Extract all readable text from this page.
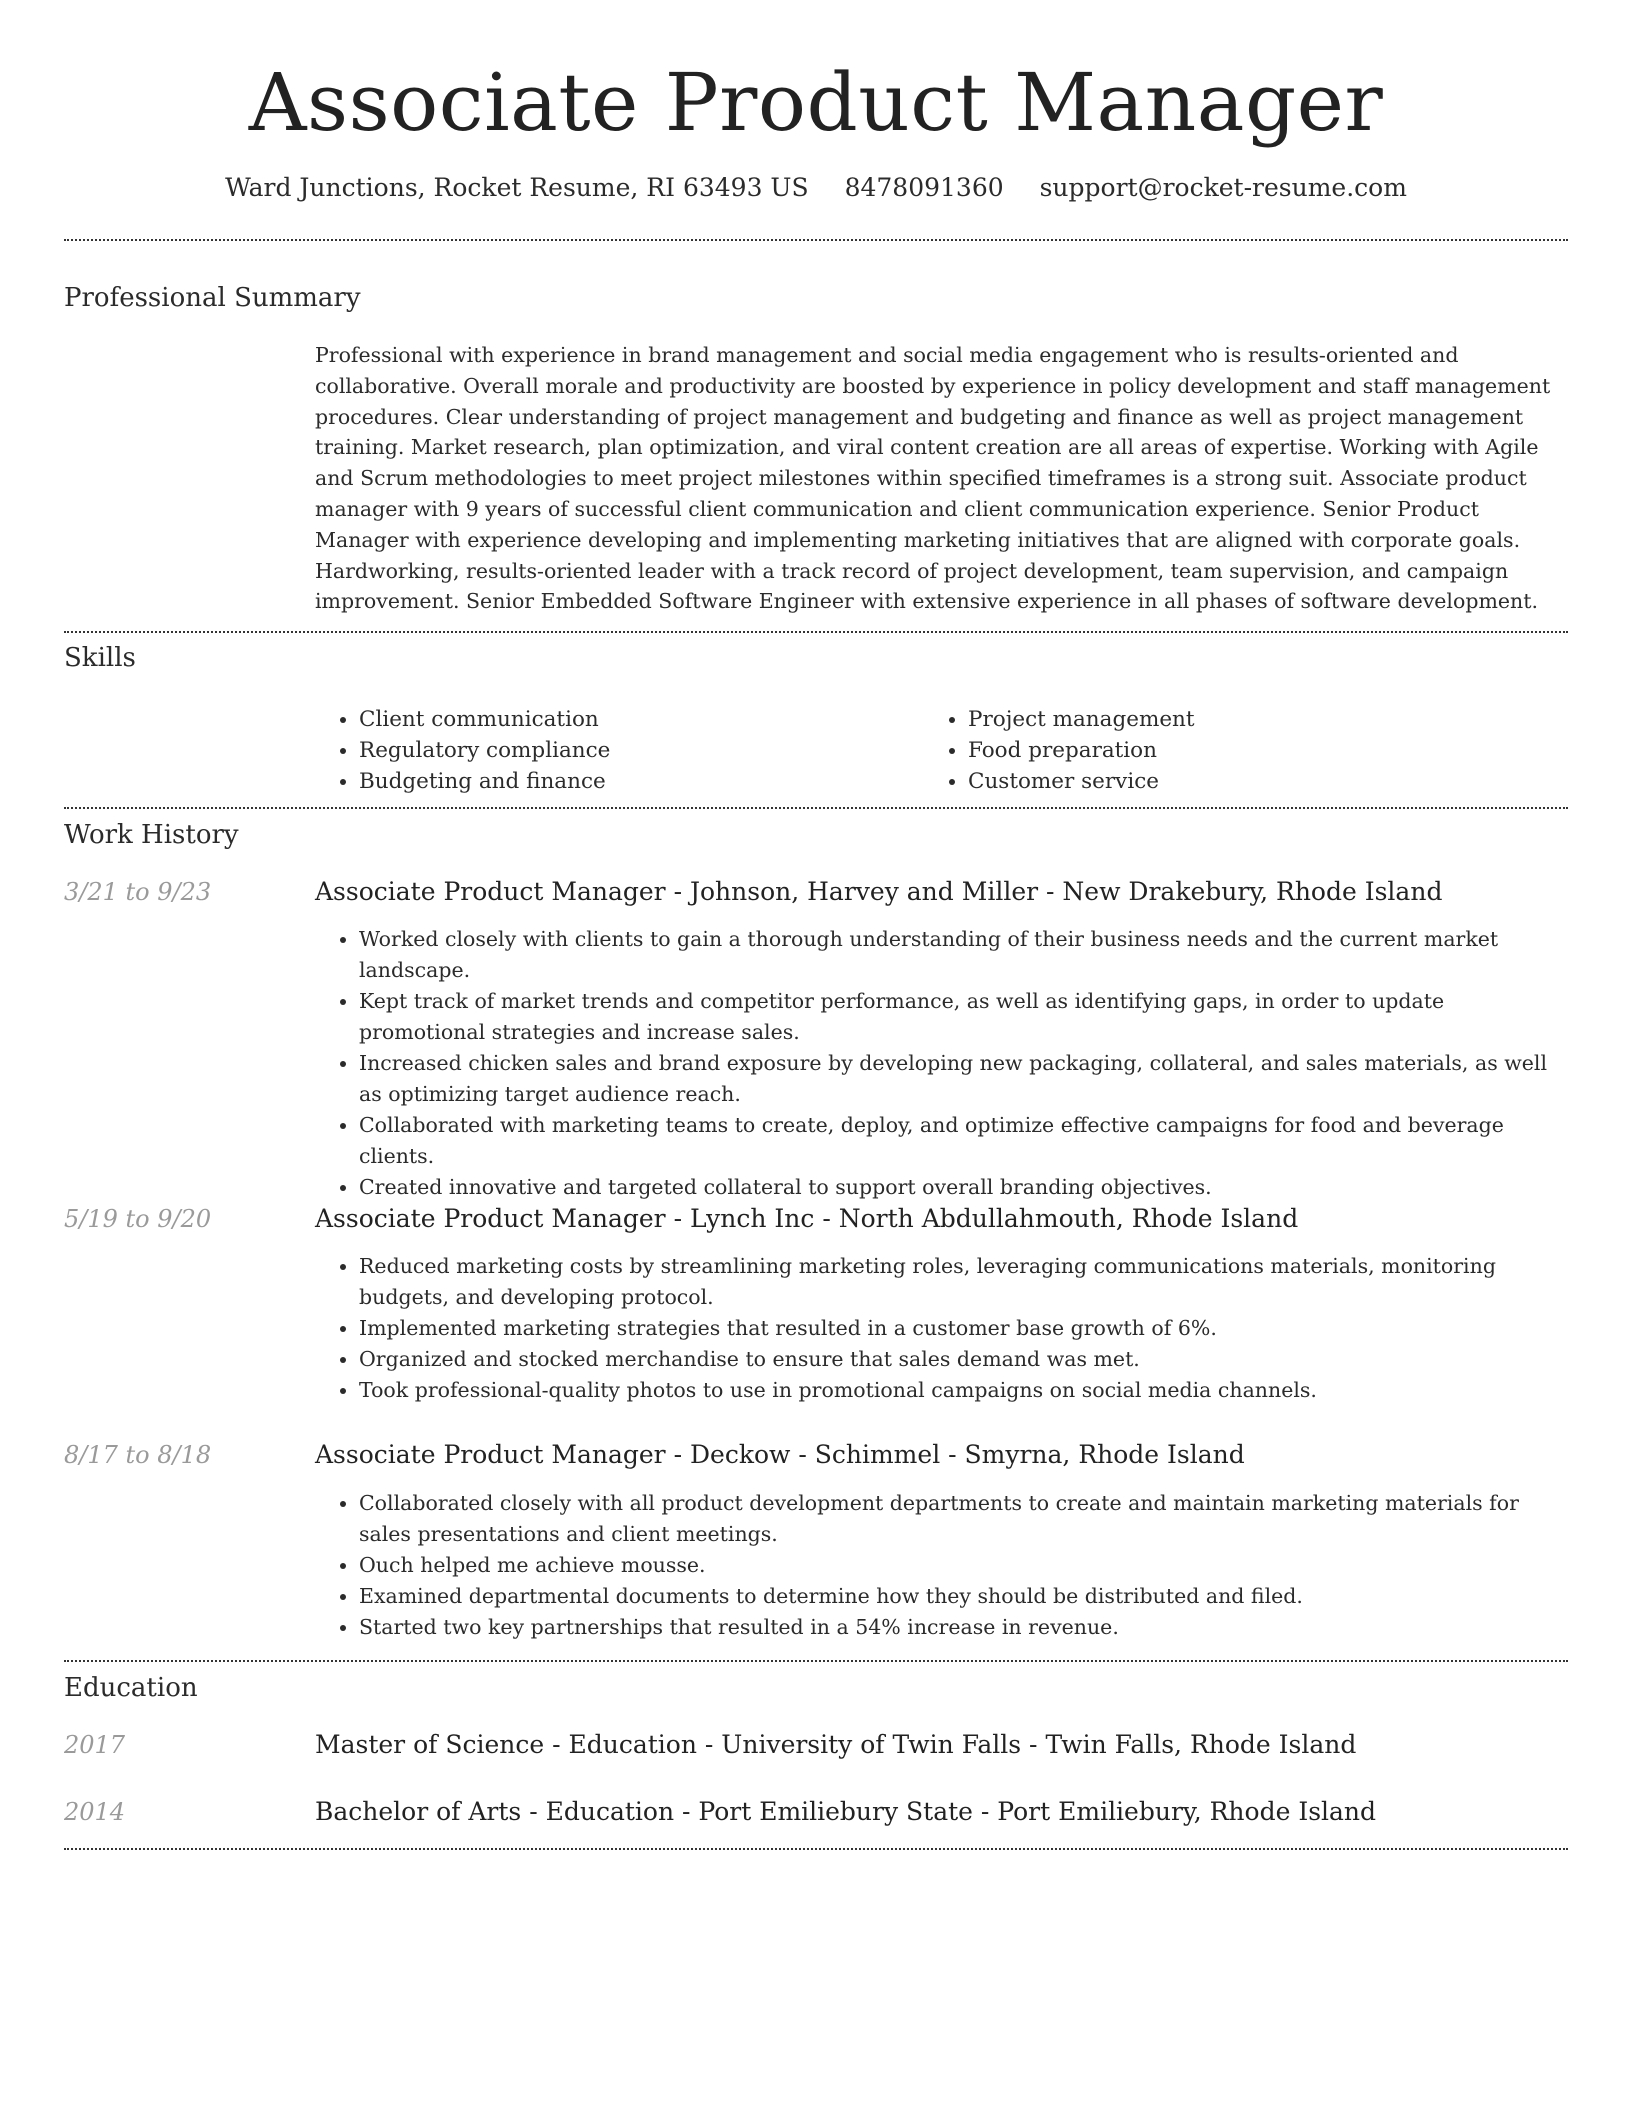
Associate Product Manager
Ward Junctions, Rocket Resume, RI 63493 US 8478091360 support@rocket-resume.com
Professional Summary

Professional with experience in brand management and social media engagement who is results-oriented and collaborative. Overall morale and productivity are boosted by experience in policy development and staff management procedures. Clear understanding of project management and budgeting and finance as well as project management training. Market research, plan optimization, and viral content creation are all areas of expertise. Working with Agile and Scrum methodologies to meet project milestones within specified timeframes is a strong suit. Associate product manager with 9 years of successful client communication and client communication experience. Senior Product Manager with experience developing and implementing marketing initiatives that are aligned with corporate goals. Hardworking, results-oriented leader with a track record of project development, team supervision, and campaign improvement. Senior Embedded Software Engineer with extensive experience in all phases of software development.

Skills
• Client communication
• Regulatory compliance
• Budgeting and finance
• Project management
• Food preparation
• Customer service
Work History
3/21 to 9/23	Associate Product Manager - Johnson, Harvey and Miller - New Drakebury, Rhode Island
• Worked closely with clients to gain a thorough understanding of their business needs and the current market landscape.
• Kept track of market trends and competitor performance, as well as identifying gaps, in order to update promotional strategies and increase sales.
• Increased chicken sales and brand exposure by developing new packaging, collateral, and sales materials, as well as optimizing target audience reach.
• Collaborated with marketing teams to create, deploy, and optimize effective campaigns for food and beverage clients.
• Created innovative and targeted collateral to support overall branding objectives.
5/19 to 9/20	Associate Product Manager - Lynch Inc - North Abdullahmouth, Rhode Island
• Reduced marketing costs by streamlining marketing roles, leveraging communications materials, monitoring budgets, and developing protocol.
• Implemented marketing strategies that resulted in a customer base growth of 6%.
• Organized and stocked merchandise to ensure that sales demand was met.
• Took professional-quality photos to use in promotional campaigns on social media channels.
8/17 to 8/18	Associate Product Manager - Deckow - Schimmel - Smyrna, Rhode Island
• Collaborated closely with all product development departments to create and maintain marketing materials for sales presentations and client meetings.
• Ouch helped me achieve mousse.
• Examined departmental documents to determine how they should be distributed and filed.
• Started two key partnerships that resulted in a 54% increase in revenue.
Education
2017	Master of Science - Education - University of Twin Falls - Twin Falls, Rhode Island
2014	Bachelor of Arts - Education - Port Emiliebury State - Port Emiliebury, Rhode Island
